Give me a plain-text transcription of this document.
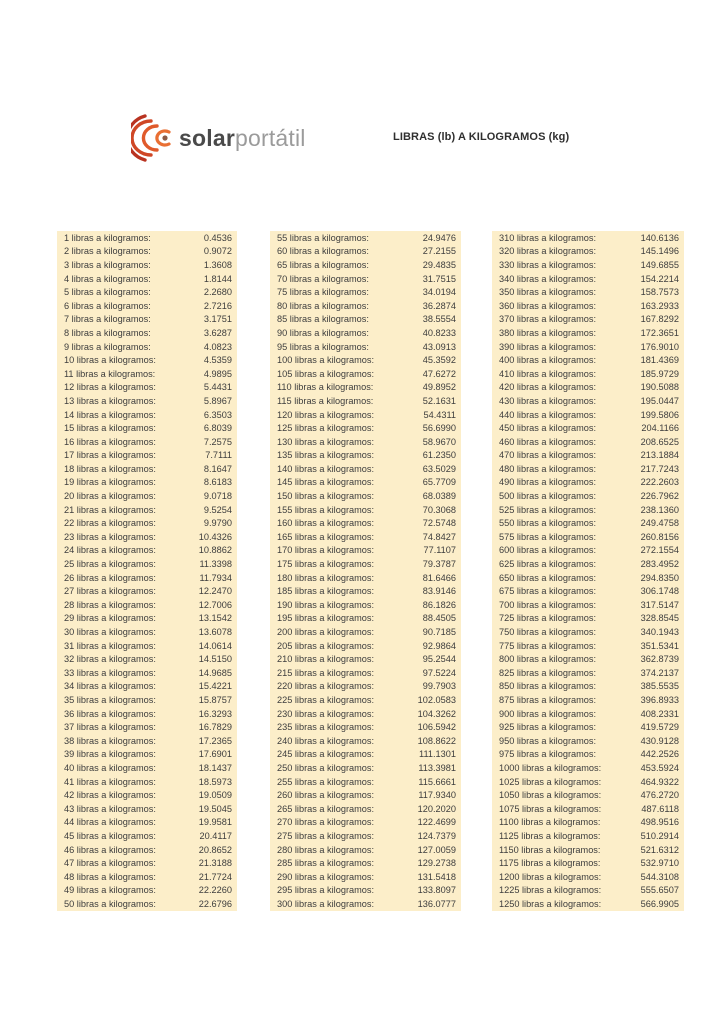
solarportátil	LIBRAS (lb) A KILOGRAMOS (kg)
1 libras a kilogramos:	0.4536
2 libras a kilogramos:	0.9072
3 libras a kilogramos:	1.3608
4 libras a kilogramos:	1.8144
5 libras a kilogramos:	2.2680
6 libras a kilogramos:	2.7216
7 libras a kilogramos:	3.1751
8 libras a kilogramos:	3.6287
9 libras a kilogramos:	4.0823
10 libras a kilogramos:	4.5359
11 libras a kilogramos:	4.9895
12 libras a kilogramos:	5.4431
13 libras a kilogramos:	5.8967
14 libras a kilogramos:	6.3503
15 libras a kilogramos:	6.8039
16 libras a kilogramos:	7.2575
17 libras a kilogramos:	7.7111
18 libras a kilogramos:	8.1647
19 libras a kilogramos:	8.6183
20 libras a kilogramos:	9.0718
21 libras a kilogramos:	9.5254
22 libras a kilogramos:	9.9790
23 libras a kilogramos:	10.4326
24 libras a kilogramos:	10.8862
25 libras a kilogramos:	11.3398
26 libras a kilogramos:	11.7934
27 libras a kilogramos:	12.2470
28 libras a kilogramos:	12.7006
29 libras a kilogramos:	13.1542
30 libras a kilogramos:	13.6078
31 libras a kilogramos:	14.0614
32 libras a kilogramos:	14.5150
33 libras a kilogramos:	14.9685
34 libras a kilogramos:	15.4221
35 libras a kilogramos:	15.8757
36 libras a kilogramos:	16.3293
37 libras a kilogramos:	16.7829
38 libras a kilogramos:	17.2365
39 libras a kilogramos:	17.6901
40 libras a kilogramos:	18.1437
41 libras a kilogramos:	18.5973
42 libras a kilogramos:	19.0509
43 libras a kilogramos:	19.5045
44 libras a kilogramos:	19.9581
45 libras a kilogramos:	20.4117
46 libras a kilogramos:	20.8652
47 libras a kilogramos:	21.3188
48 libras a kilogramos:	21.7724
49 libras a kilogramos:	22.2260
50 libras a kilogramos:	22.6796
55 libras a kilogramos:	24.9476
60 libras a kilogramos:	27.2155
65 libras a kilogramos:	29.4835
70 libras a kilogramos:	31.7515
75 libras a kilogramos:	34.0194
80 libras a kilogramos:	36.2874
85 libras a kilogramos:	38.5554
90 libras a kilogramos:	40.8233
95 libras a kilogramos:	43.0913
100 libras a kilogramos:	45.3592
105 libras a kilogramos:	47.6272
110 libras a kilogramos:	49.8952
115 libras a kilogramos:	52.1631
120 libras a kilogramos:	54.4311
125 libras a kilogramos:	56.6990
130 libras a kilogramos:	58.9670
135 libras a kilogramos:	61.2350
140 libras a kilogramos:	63.5029
145 libras a kilogramos:	65.7709
150 libras a kilogramos:	68.0389
155 libras a kilogramos:	70.3068
160 libras a kilogramos:	72.5748
165 libras a kilogramos:	74.8427
170 libras a kilogramos:	77.1107
175 libras a kilogramos:	79.3787
180 libras a kilogramos:	81.6466
185 libras a kilogramos:	83.9146
190 libras a kilogramos:	86.1826
195 libras a kilogramos:	88.4505
200 libras a kilogramos:	90.7185
205 libras a kilogramos:	92.9864
210 libras a kilogramos:	95.2544
215 libras a kilogramos:	97.5224
220 libras a kilogramos:	99.7903
225 libras a kilogramos:	102.0583
230 libras a kilogramos:	104.3262
235 libras a kilogramos:	106.5942
240 libras a kilogramos:	108.8622
245 libras a kilogramos:	111.1301
250 libras a kilogramos:	113.3981
255 libras a kilogramos:	115.6661
260 libras a kilogramos:	117.9340
265 libras a kilogramos:	120.2020
270 libras a kilogramos:	122.4699
275 libras a kilogramos:	124.7379
280 libras a kilogramos:	127.0059
285 libras a kilogramos:	129.2738
290 libras a kilogramos:	131.5418
295 libras a kilogramos:	133.8097
300 libras a kilogramos:	136.0777
310 libras a kilogramos:	140.6136
320 libras a kilogramos:	145.1496
330 libras a kilogramos:	149.6855
340 libras a kilogramos:	154.2214
350 libras a kilogramos:	158.7573
360 libras a kilogramos:	163.2933
370 libras a kilogramos:	167.8292
380 libras a kilogramos:	172.3651
390 libras a kilogramos:	176.9010
400 libras a kilogramos:	181.4369
410 libras a kilogramos:	185.9729
420 libras a kilogramos:	190.5088
430 libras a kilogramos:	195.0447
440 libras a kilogramos:	199.5806
450 libras a kilogramos:	204.1166
460 libras a kilogramos:	208.6525
470 libras a kilogramos:	213.1884
480 libras a kilogramos:	217.7243
490 libras a kilogramos:	222.2603
500 libras a kilogramos:	226.7962
525 libras a kilogramos:	238.1360
550 libras a kilogramos:	249.4758
575 libras a kilogramos:	260.8156
600 libras a kilogramos:	272.1554
625 libras a kilogramos:	283.4952
650 libras a kilogramos:	294.8350
675 libras a kilogramos:	306.1748
700 libras a kilogramos:	317.5147
725 libras a kilogramos:	328.8545
750 libras a kilogramos:	340.1943
775 libras a kilogramos:	351.5341
800 libras a kilogramos:	362.8739
825 libras a kilogramos:	374.2137
850 libras a kilogramos:	385.5535
875 libras a kilogramos:	396.8933
900 libras a kilogramos:	408.2331
925 libras a kilogramos:	419.5729
950 libras a kilogramos:	430.9128
975 libras a kilogramos:	442.2526
1000 libras a kilogramos:	453.5924
1025 libras a kilogramos:	464.9322
1050 libras a kilogramos:	476.2720
1075 libras a kilogramos:	487.6118
1100 libras a kilogramos:	498.9516
1125 libras a kilogramos:	510.2914
1150 libras a kilogramos:	521.6312
1175 libras a kilogramos:	532.9710
1200 libras a kilogramos:	544.3108
1225 libras a kilogramos:	555.6507
1250 libras a kilogramos:	566.9905
